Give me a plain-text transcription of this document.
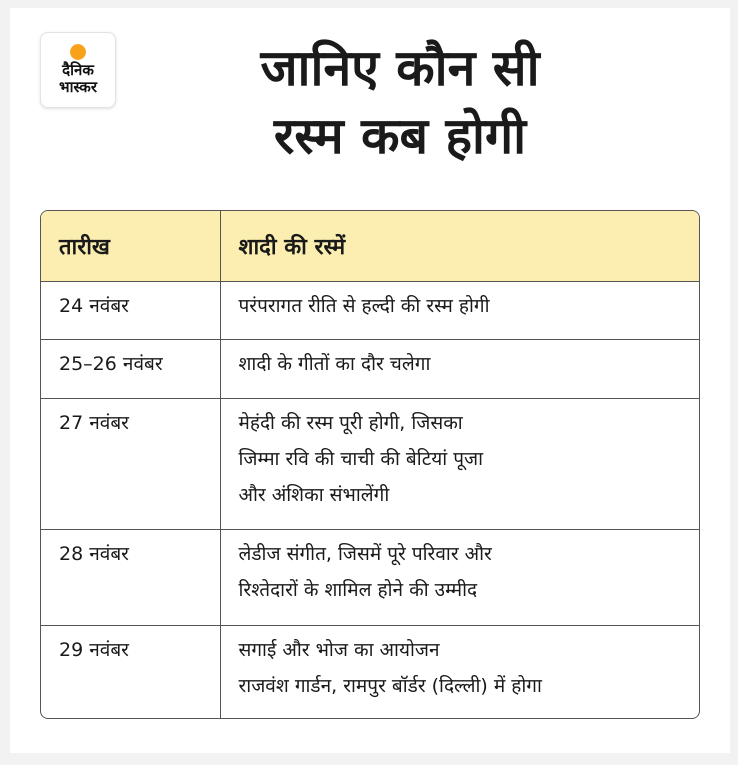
दैनिक
भास्कर	जानिए कौन सी
रस्म कब होगी
तारीख	शादी की रस्में
24 नवंबर	परंपरागत रीति से हल्दी की रस्म होगी
25–26 नवंबर	शादी के गीतों का दौर चलेगा
27 नवंबर	मेहंदी की रस्म पूरी होगी, जिसका
जिम्मा रवि की चाची की बेटियां पूजा
और अंशिका संभालेंगी
28 नवंबर	लेडीज संगीत, जिसमें पूरे परिवार और
रिश्तेदारों के शामिल होने की उम्मीद
29 नवंबर	सगाई और भोज का आयोजन
राजवंश गार्डन, रामपुर बॉर्डर (दिल्ली) में होगा
